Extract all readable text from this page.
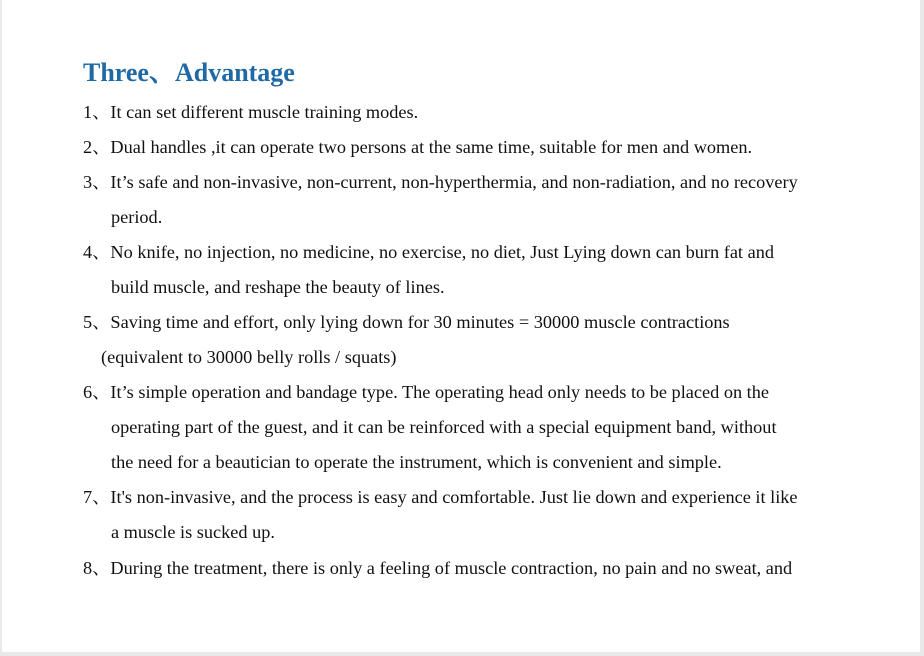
Three、Advantage

1、It can set different muscle training modes.

2、Dual handles ,it can operate two persons at the same time, suitable for men and women.

3、It’s safe and non-invasive, non-current, non-hyperthermia, and non-radiation, and no recovery

period.

4、No knife, no injection, no medicine, no exercise, no diet, Just Lying down can burn fat and

build muscle, and reshape the beauty of lines.

5、Saving time and effort, only lying down for 30 minutes = 30000 muscle contractions

(equivalent to 30000 belly rolls / squats)

6、It’s simple operation and bandage type. The operating head only needs to be placed on the

operating part of the guest, and it can be reinforced with a special equipment band, without

the need for a beautician to operate the instrument, which is convenient and simple.

7、It's non-invasive, and the process is easy and comfortable. Just lie down and experience it like

a muscle is sucked up.

8、During the treatment, there is only a feeling of muscle contraction, no pain and no sweat, and
